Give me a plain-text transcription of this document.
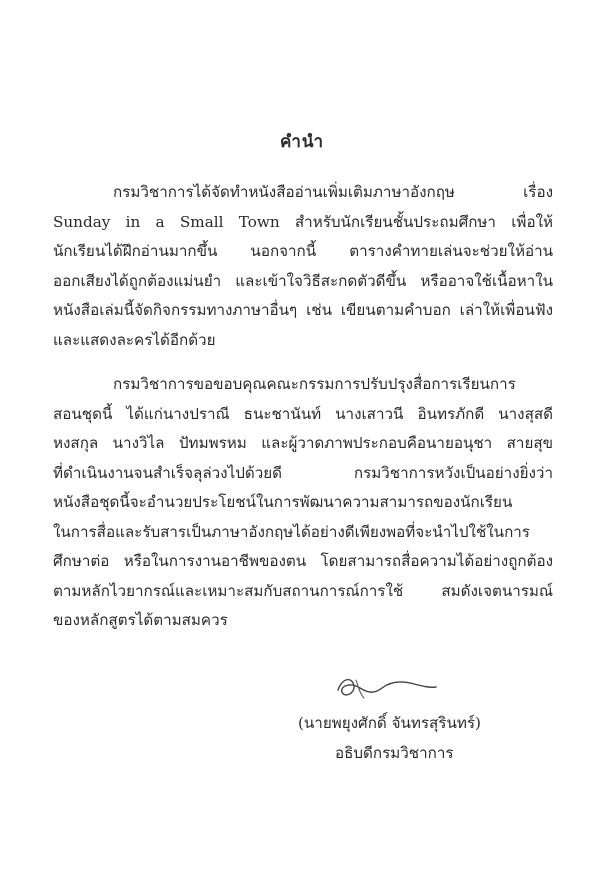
คำนำ
กรมวิชาการได้จัดทำหนังสืออ่านเพิ่มเติมภาษาอังกฤษ เรื่อง
Sunday in a Small Town สำหรับนักเรียนชั้นประถมศึกษา เพื่อให้
นักเรียนได้ฝึกอ่านมากขึ้น นอกจากนี้ ตารางคำทายเล่นจะช่วยให้อ่าน
ออกเสียงได้ถูกต้องแม่นยำ และเข้าใจวิธีสะกดตัวดีขึ้น หรืออาจใช้เนื้อหาใน
หนังสือเล่มนี้จัดกิจกรรมทางภาษาอื่นๆ เช่น เขียนตามคำบอก เล่าให้เพื่อนฟัง
และแสดงละครได้อีกด้วย
กรมวิชาการขอขอบคุณคณะกรรมการปรับปรุงสื่อการเรียนการ
สอนชุดนี้ ได้แก่นางปราณี ธนะชานันท์ นางเสาวนี อินทรภักดี นางสุสดี
หงสกุล นางวิไล ปัทมพรหม และผู้วาดภาพประกอบคือนายอนุชา สายสุข
ที่ดำเนินงานจนสำเร็จลุล่วงไปด้วยดี กรมวิชาการหวังเป็นอย่างยิ่งว่า
หนังสือชุดนี้จะอำนวยประโยชน์ในการพัฒนาความสามารถของนักเรียน
ในการสื่อและรับสารเป็นภาษาอังกฤษได้อย่างดีเพียงพอที่จะนำไปใช้ในการ
ศึกษาต่อ หรือในการงานอาชีพของตน โดยสามารถสื่อความได้อย่างถูกต้อง
ตามหลักไวยากรณ์และเหมาะสมกับสถานการณ์การใช้ สมดังเจตนารมณ์
ของหลักสูตรได้ตามสมควร
(นายพยุงศักดิ์ จันทรสุรินทร์)
อธิบดีกรมวิชาการ
